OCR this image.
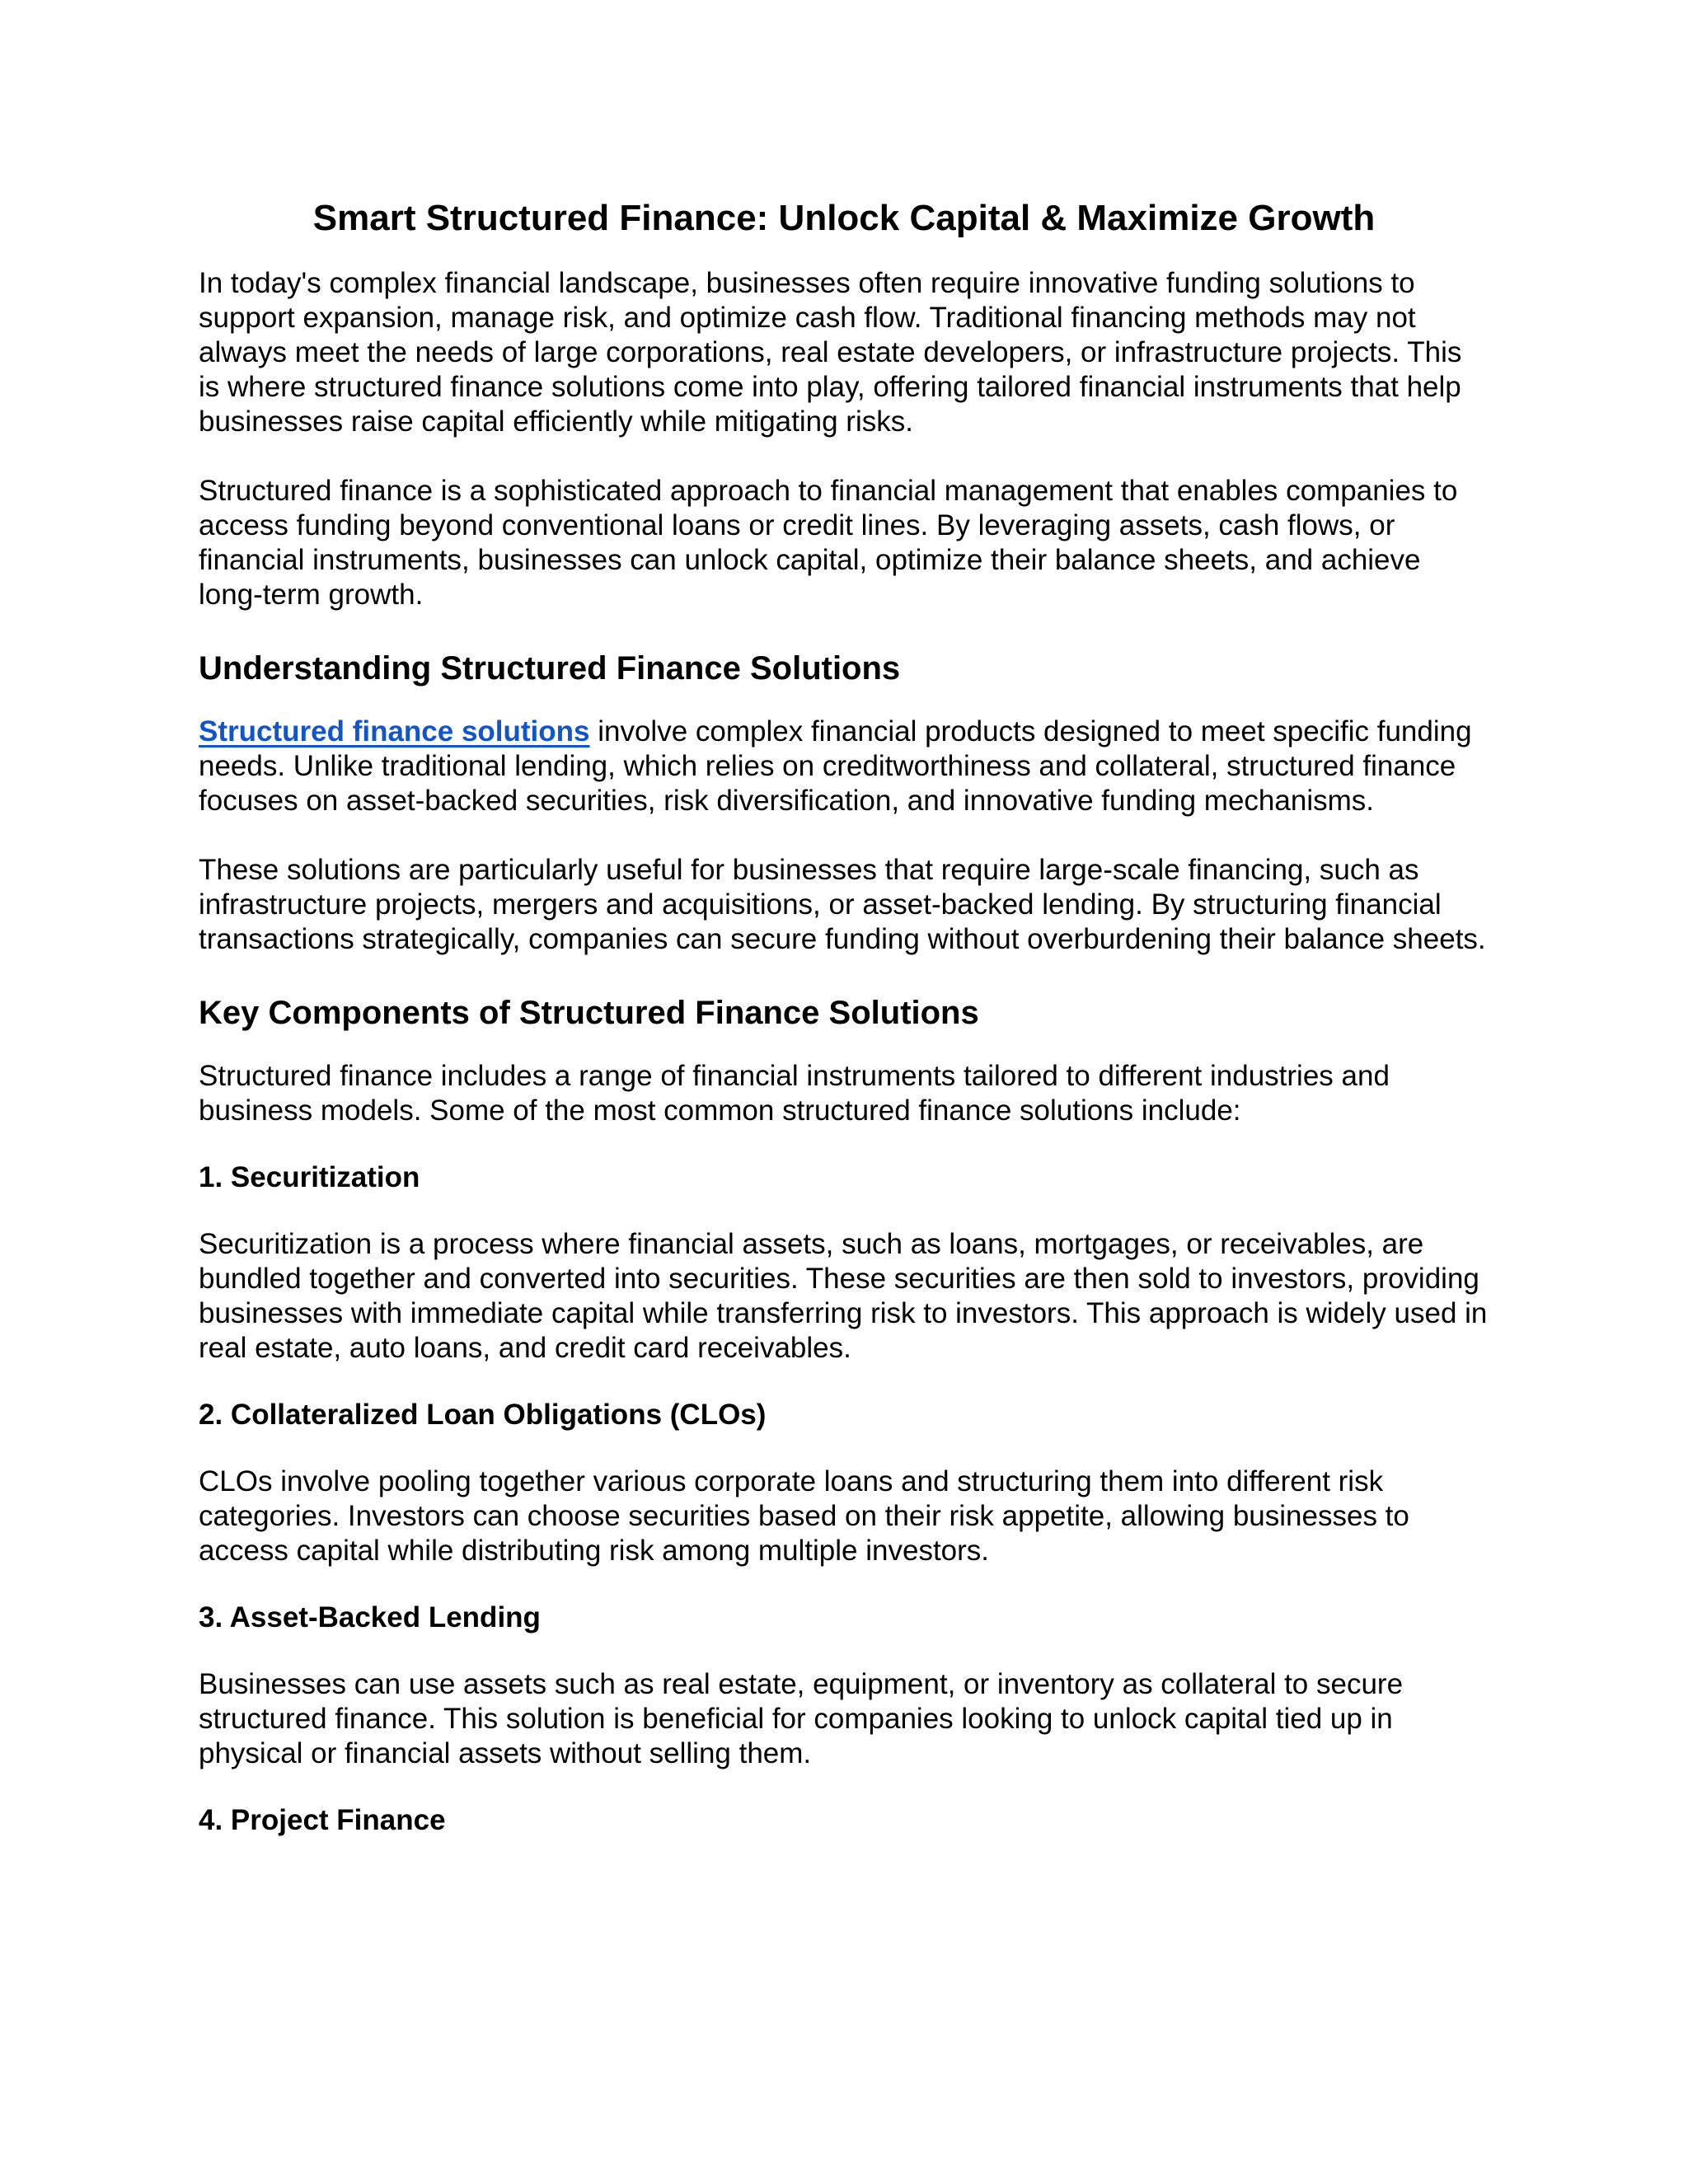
Smart Structured Finance: Unlock Capital & Maximize Growth

In today's complex financial landscape, businesses often require innovative funding solutions to support expansion, manage risk, and optimize cash flow. Traditional financing methods may not always meet the needs of large corporations, real estate developers, or infrastructure projects. This is where structured finance solutions come into play, offering tailored financial instruments that help businesses raise capital efficiently while mitigating risks.

Structured finance is a sophisticated approach to financial management that enables companies to access funding beyond conventional loans or credit lines. By leveraging assets, cash flows, or financial instruments, businesses can unlock capital, optimize their balance sheets, and achieve long-term growth.

Understanding Structured Finance Solutions

Structured finance solutions involve complex financial products designed to meet specific funding needs. Unlike traditional lending, which relies on creditworthiness and collateral, structured finance focuses on asset-backed securities, risk diversification, and innovative funding mechanisms.

These solutions are particularly useful for businesses that require large-scale financing, such as infrastructure projects, mergers and acquisitions, or asset-backed lending. By structuring financial transactions strategically, companies can secure funding without overburdening their balance sheets.

Key Components of Structured Finance Solutions

Structured finance includes a range of financial instruments tailored to different industries and business models. Some of the most common structured finance solutions include:

1. Securitization

Securitization is a process where financial assets, such as loans, mortgages, or receivables, are bundled together and converted into securities. These securities are then sold to investors, providing businesses with immediate capital while transferring risk to investors. This approach is widely used in real estate, auto loans, and credit card receivables.

2. Collateralized Loan Obligations (CLOs)

CLOs involve pooling together various corporate loans and structuring them into different risk categories. Investors can choose securities based on their risk appetite, allowing businesses to access capital while distributing risk among multiple investors.

3. Asset-Backed Lending

Businesses can use assets such as real estate, equipment, or inventory as collateral to secure structured finance. This solution is beneficial for companies looking to unlock capital tied up in physical or financial assets without selling them.

4. Project Finance
